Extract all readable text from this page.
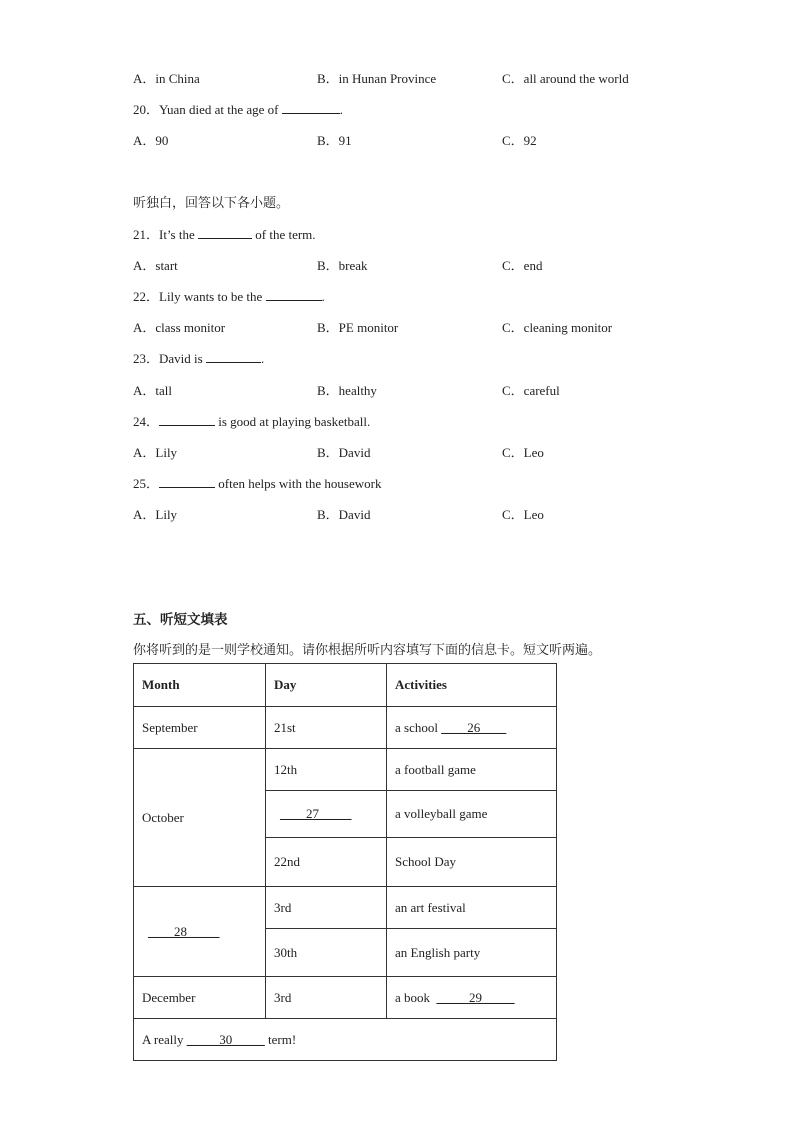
A．in China	B．in Hunan Province	C．all around the world
20．Yuan died at the age of	.
A．90	B．91	C．92
听独白，回答以下各小题。
21．It’s the	of the term.
A．start	B．break	C．end
22．Lily wants to be the	.
A．class monitor	B．PE monitor	C．cleaning monitor
23．David is	.
A．tall	B．healthy	C．careful
24．	is good at playing basketball.
A．Lily	B．David	C．Leo
25．	often helps with the housework
A．Lily	B．David	C．Leo
五、听短文填表
你将听到的是一则学校通知。请你根据所听内容填写下面的信息卡。短文听两遍。
Month	Day	Activities
September	21st	a school ____26____
October	12th	a football game
	____27_____	a volleyball game
	22nd	School Day
____28_____	3rd	an art festival
	30th	an English party
December	3rd	a book  _____29_____
A really _____30_____ term!		
